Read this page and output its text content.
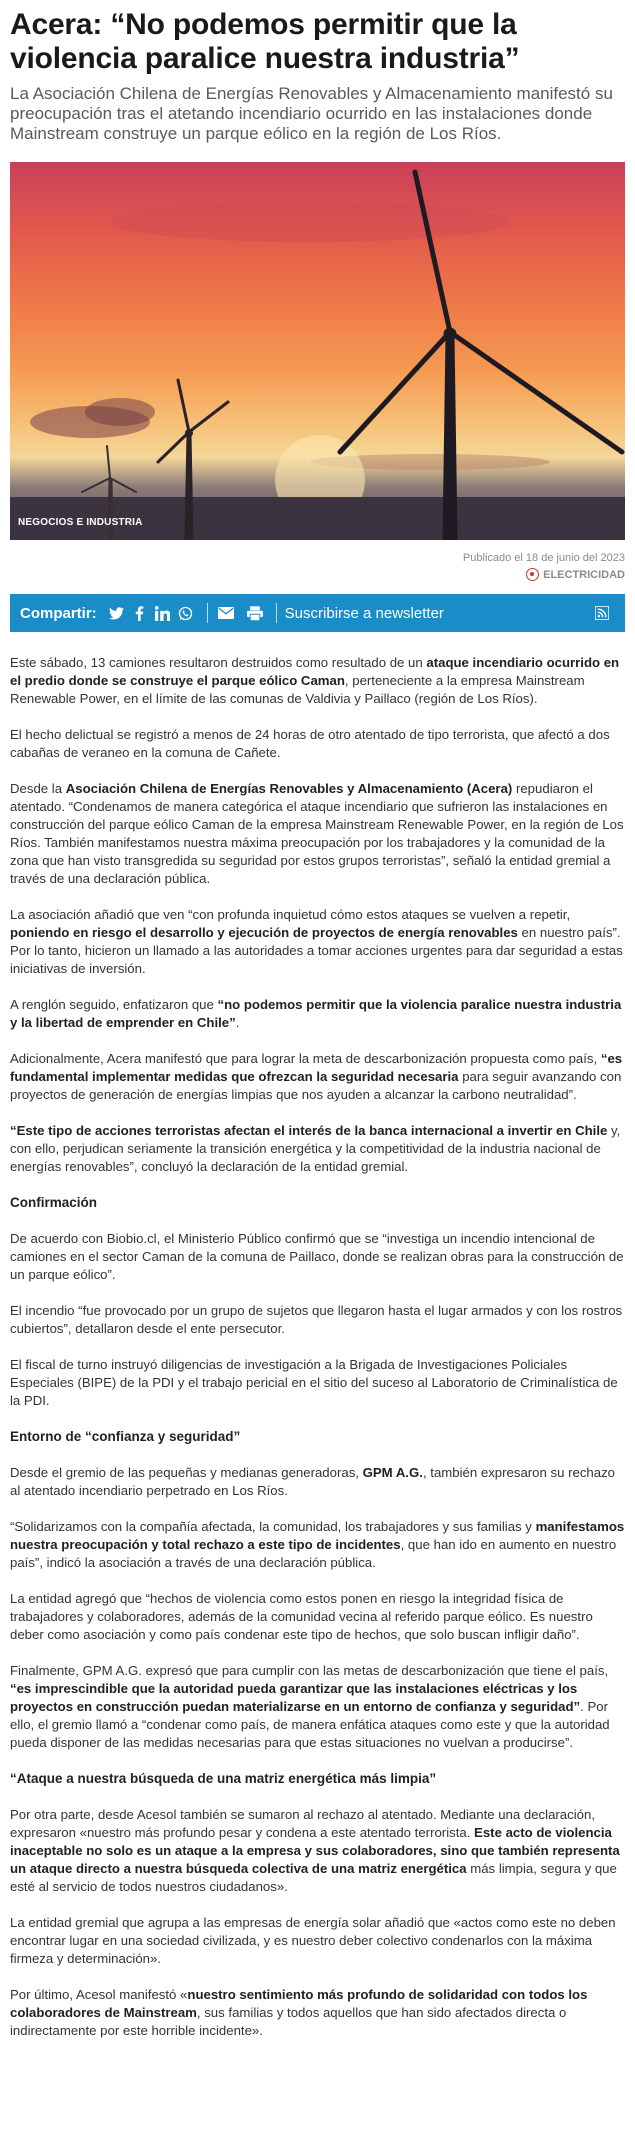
Acera: “No podemos permitir que la violencia paralice nuestra industria”

La Asociación Chilena de Energías Renovables y Almacenamiento manifestó su preocupación tras el atetando incendiario ocurrido en las instalaciones donde Mainstream construye un parque eólico en la región de Los Ríos.

NEGOCIOS E INDUSTRIA
Publicado el 18 de junio del 2023
ELECTRICIDAD
Compartir:	Suscribirse a newsletter

Este sábado, 13 camiones resultaron destruidos como resultado de un ataque incendiario ocurrido en el predio donde se construye el parque eólico Caman, perteneciente a la empresa Mainstream Renewable Power, en el límite de las comunas de Valdivia y Paillaco (región de Los Ríos).

El hecho delictual se registró a menos de 24 horas de otro atentado de tipo terrorista, que afectó a dos cabañas de veraneo en la comuna de Cañete.

Desde la Asociación Chilena de Energías Renovables y Almacenamiento (Acera) repudiaron el atentado. “Condenamos de manera categórica el ataque incendiario que sufrieron las instalaciones en construcción del parque eólico Caman de la empresa Mainstream Renewable Power, en la región de Los Ríos. También manifestamos nuestra máxima preocupación por los trabajadores y la comunidad de la zona que han visto transgredida su seguridad por estos grupos terroristas”, señaló la entidad gremial a través de una declaración pública.

La asociación añadió que ven “con profunda inquietud cómo estos ataques se vuelven a repetir, poniendo en riesgo el desarrollo y ejecución de proyectos de energía renovables en nuestro país”. Por lo tanto, hicieron un llamado a las autoridades a tomar acciones urgentes para dar seguridad a estas iniciativas de inversión.

A renglón seguido, enfatizaron que “no podemos permitir que la violencia paralice nuestra industria y la libertad de emprender en Chile”.

Adicionalmente, Acera manifestó que para lograr la meta de descarbonización propuesta como país, “es fundamental implementar medidas que ofrezcan la seguridad necesaria para seguir avanzando con proyectos de generación de energías limpias que nos ayuden a alcanzar la carbono neutralidad”.

“Este tipo de acciones terroristas afectan el interés de la banca internacional a invertir en Chile y, con ello, perjudican seriamente la transición energética y la competitividad de la industria nacional de energías renovables”, concluyó la declaración de la entidad gremial.

Confirmación

De acuerdo con Biobio.cl, el Ministerio Público confirmó que se “investiga un incendio intencional de camiones en el sector Caman de la comuna de Paillaco, donde se realizan obras para la construcción de un parque eólico”.

El incendio “fue provocado por un grupo de sujetos que llegaron hasta el lugar armados y con los rostros cubiertos”, detallaron desde el ente persecutor.

El fiscal de turno instruyó diligencias de investigación a la Brigada de Investigaciones Policiales Especiales (BIPE) de la PDI y el trabajo pericial en el sitio del suceso al Laboratorio de Criminalística de la PDI.

Entorno de “confianza y seguridad”

Desde el gremio de las pequeñas y medianas generadoras, GPM A.G., también expresaron su rechazo al atentado incendiario perpetrado en Los Ríos.

“Solidarizamos con la compañía afectada, la comunidad, los trabajadores y sus familias y manifestamos nuestra preocupación y total rechazo a este tipo de incidentes, que han ido en aumento en nuestro país”, indicó la asociación a través de una declaración pública.

La entidad agregó que “hechos de violencia como estos ponen en riesgo la integridad física de trabajadores y colaboradores, además de la comunidad vecina al referido parque eólico. Es nuestro deber como asociación y como país condenar este tipo de hechos, que solo buscan infligir daño”.

Finalmente, GPM A.G. expresó que para cumplir con las metas de descarbonización que tiene el país, “es imprescindible que la autoridad pueda garantizar que las instalaciones eléctricas y los proyectos en construcción puedan materializarse en un entorno de confianza y seguridad”. Por ello, el gremio llamó a “condenar como país, de manera enfática ataques como este y que la autoridad pueda disponer de las medidas necesarias para que estas situaciones no vuelvan a producirse”.

“Ataque a nuestra búsqueda de una matriz energética más limpia”

Por otra parte, desde Acesol también se sumaron al rechazo al atentado. Mediante una declaración, expresaron «nuestro más profundo pesar y condena a este atentado terrorista. Este acto de violencia inaceptable no solo es un ataque a la empresa y sus colaboradores, sino que también representa un ataque directo a nuestra búsqueda colectiva de una matriz energética más limpia, segura y que esté al servicio de todos nuestros ciudadanos».

La entidad gremial que agrupa a las empresas de energía solar añadió que «actos como este no deben encontrar lugar en una sociedad civilizada, y es nuestro deber colectivo condenarlos con la máxima firmeza y determinación».

Por último, Acesol manifestó «nuestro sentimiento más profundo de solidaridad con todos los colaboradores de Mainstream, sus familias y todos aquellos que han sido afectados directa o indirectamente por este horrible incidente».
